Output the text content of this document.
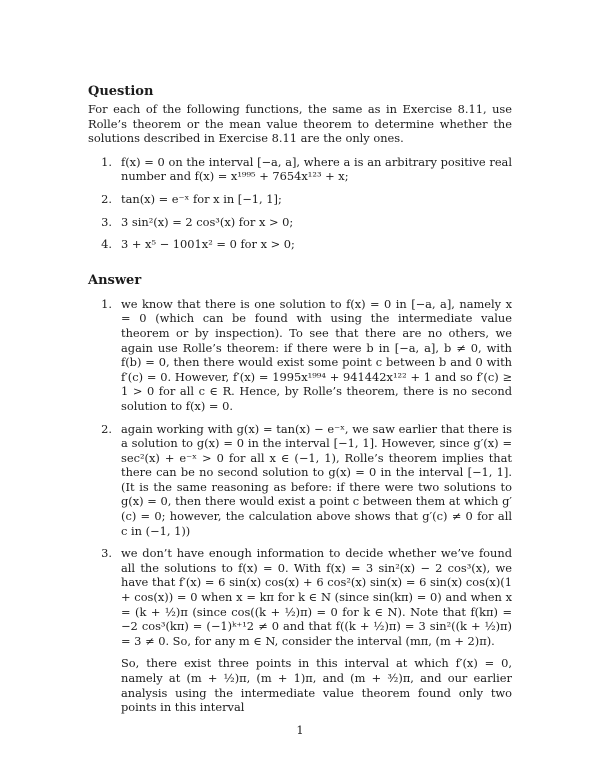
Question

For each of the following functions, the same as in Exercise 8.11, use Rolle’s theorem or the mean value theorem to determine whether the solutions described in Exercise 8.11 are the only ones.

1. f(x) = 0 on the interval [−a, a], where a is an arbitrary positive real number and f(x) = x¹⁹⁹⁵ + 7654x¹²³ + x;

2. tan(x) = e⁻ˣ for x in [−1, 1];

3. 3 sin²(x) = 2 cos³(x) for x > 0;

4. 3 + x⁵ − 1001x² = 0 for x > 0;

Answer
1. we know that there is one solution to f(x) = 0 in [−a, a], namely x = 0 (which can be found with using the intermediate value theorem or by inspection). To see that there are no others, we again use Rolle’s theorem: if there were b in [−a, a], b ≠ 0, with f(b) = 0, then there would exist some point c between b and 0 with f′(c) = 0. However, f′(x) = 1995x¹⁹⁹⁴ + 941442x¹²² + 1 and so f′(c) ≥ 1 > 0 for all c ∈ R. Hence, by Rolle’s theorem, there is no second solution to f(x) = 0.

2. again working with g(x) = tan(x) − e⁻ˣ, we saw earlier that there is a solution to g(x) = 0 in the interval [−1, 1]. However, since g′(x) = sec²(x) + e⁻ˣ > 0 for all x ∈ (−1, 1), Rolle’s theorem implies that there can be no second solution to g(x) = 0 in the interval [−1, 1]. (It is the same reasoning as before: if there were two solutions to g(x) = 0, then there would exist a point c between them at which g′(c) = 0; however, the calculation above shows that g′(c) ≠ 0 for all c in (−1, 1))

3. we don’t have enough information to decide whether we’ve found all the solutions to f(x) = 0. With f(x) = 3 sin²(x) − 2 cos³(x), we have that f′(x) = 6 sin(x) cos(x) + 6 cos²(x) sin(x) = 6 sin(x) cos(x)(1 + cos(x)) = 0 when x = kπ for k ∈ N (since sin(kπ) = 0) and when x = (k + ½)π (since cos((k + ½)π) = 0 for k ∈ N). Note that f(kπ) = −2 cos³(kπ) = (−1)ᵏ⁺¹2 ≠ 0 and that f((k + ½)π) = 3 sin²((k + ½)π) = 3 ≠ 0. So, for any m ∈ N, consider the interval (mπ, (m + 2)π).

So, there exist three points in this interval at which f′(x) = 0, namely at (m + ½)π, (m + 1)π, and (m + ³⁄₂)π, and our earlier analysis using the intermediate value theorem found only two points in this interval

1
